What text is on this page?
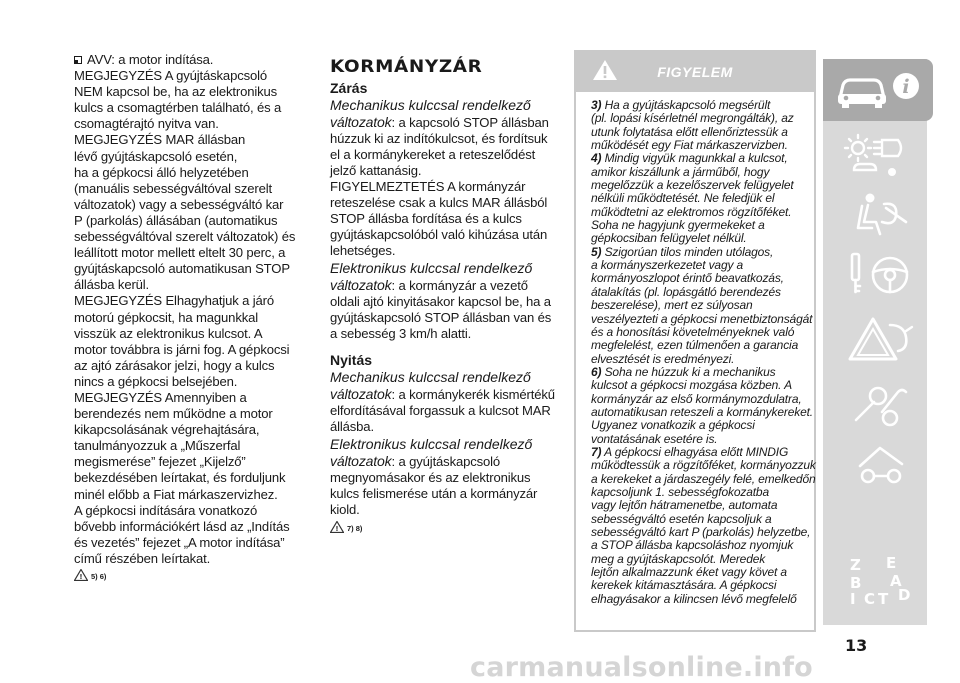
AVV: a motor indítása.
MEGJEGYZÉS A gyújtáskapcsoló
NEM kapcsol be, ha az elektronikus
kulcs a csomagtérben található, és a
csomagtérajtó nyitva van.
MEGJEGYZÉS MAR állásban
lévő gyújtáskapcsoló esetén,
ha a gépkocsi álló helyzetében
(manuális sebességváltóval szerelt
változatok) vagy a sebességváltó kar
P (parkolás) állásában (automatikus
sebességváltóval szerelt változatok) és
leállított motor mellett eltelt 30 perc, a
gyújtáskapcsoló automatikusan STOP
állásba kerül.
MEGJEGYZÉS Elhagyhatjuk a járó
motorú gépkocsit, ha magunkkal
visszük az elektronikus kulcsot. A
motor továbbra is járni fog. A gépkocsi
az ajtó zárásakor jelzi, hogy a kulcs
nincs a gépkocsi belsejében.
MEGJEGYZÉS Amennyiben a
berendezés nem működne a motor
kikapcsolásának végrehajtására,
tanulmányozzuk a „Műszerfal
megismerése” fejezet „Kijelző”
bekezdésében leírtakat, és forduljunk
minél előbb a Fiat márkaszervizhez.
A gépkocsi indítására vonatkozó
bővebb információkért lásd az „Indítás
és vezetés” fejezet „A motor indítása”
című részében leírtakat.
! 5) 6)
KORMÁNYZÁR
Zárás
Mechanikus kulccsal rendelkező
változatok: a kapcsoló STOP állásban
húzzuk ki az indítókulcsot, és fordítsuk
el a kormánykereket a reteszelődést
jelző kattanásig.
FIGYELMEZTETÉS A kormányzár
reteszelése csak a kulcs MAR állásból
STOP állásba fordítása és a kulcs
gyújtáskapcsolóból való kihúzása után
lehetséges.
Elektronikus kulccsal rendelkező
változatok: a kormányzár a vezető
oldali ajtó kinyitásakor kapcsol be, ha a
gyújtáskapcsoló STOP állásban van és
a sebesség 3 km/h alatti.
Nyitás
Mechanikus kulccsal rendelkező
változatok: a kormánykerék kismértékű
elfordításával forgassuk a kulcsot MAR
állásba.
Elektronikus kulccsal rendelkező
változatok: a gyújtáskapcsoló
megnyomásakor és az elektronikus
kulcs felismerése után a kormányzár
kiold.
! 7) 8)
FIGYELEM
3) Ha a gyújtáskapcsoló megsérült
(pl. lopási kísérletnél megrongálták), az
utunk folytatása előtt ellenőriztessük a
működését egy Fiat márkaszervizben.
4) Mindig vigyük magunkkal a kulcsot,
amikor kiszállunk a járműből, hogy
megelőzzük a kezelőszervek felügyelet
nélküli működtetését. Ne feledjük el
működtetni az elektromos rögzítőféket.
Soha ne hagyjunk gyermekeket a
gépkocsiban felügyelet nélkül.
5) Szigorúan tilos minden utólagos,
a kormányszerkezetet vagy a
kormányoszlopot érintő beavatkozás,
átalakítás (pl. lopásgátló berendezés
beszerelése), mert ez súlyosan
veszélyezteti a gépkocsi menetbiztonságát
és a honosítási követelményeknek való
megfelelést, ezen túlmenően a garancia
elvesztését is eredményezi.
6) Soha ne húzzuk ki a mechanikus
kulcsot a gépkocsi mozgása közben. A
kormányzár az első kormánymozdulatra,
automatikusan reteszeli a kormánykereket.
Ugyanez vonatkozik a gépkocsi
vontatásának esetére is.
7) A gépkocsi elhagyása előtt MINDIG
működtessük a rögzítőféket, kormányozzuk
a kerekeket a járdaszegély felé, emelkedőn
kapcsoljunk 1. sebességfokozatba
vagy lejtőn hátramenetbe, automata
sebességváltó esetén kapcsoljuk a
sebességváltó kart P (parkolás) helyzetbe,
a STOP állásba kapcsoláshoz nyomjuk
meg a gyújtáskapcsolót. Meredek
lejtőn alkalmazzunk éket vagy követ a
kerekek kitámasztására. A gépkocsi
elhagyásakor a kilincsen lévő megfelelő
i
Z E
B A
I C T D
13
carmanualsonline.info
